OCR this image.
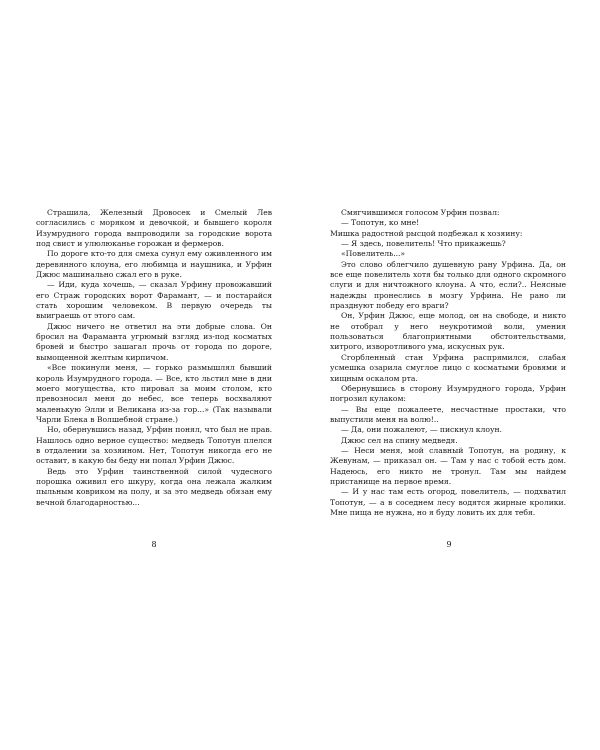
Страшила, Железный Дровосек и Смелый Лев согласились с моряком и девочкой, и бывшего короля Изумрудного города выпроводили за городские ворота под свист и улюлюканье горожан и фермеров.

По дороге кто-то для смеха сунул ему оживленного им деревянного клоуна, его любимца и наушника, и Урфин Джюс машинально сжал его в руке.

— Иди, куда хочешь, — сказал Урфину провожавший его Страж городских ворот Фарамант, — и постарайся стать хорошим человеком. В первую очередь ты выиграешь от этого сам.

Джюс ничего не ответил на эти добрые слова. Он бросил на Фараманта угрюмый взгляд из-под косматых бровей и быстро зашагал прочь от города по дороге, вымощенной желтым кирпичом.

«Все покинули меня, — горько размышлял бывший король Изумрудного города. — Все, кто льстил мне в дни моего могущества, кто пировал за моим столом, кто превозносил меня до небес, все теперь восхваляют маленькую Элли и Великана из-за гор...» (Так называли Чарли Блека в Волшебной стране.)

Но, обернувшись назад, Урфин понял, что был не прав. Нашлось одно верное существо: медведь Топотун плелся в отдалении за хозяином. Нет, Топотун никогда его не оставит, в какую бы беду ни попал Урфин Джюс.

Ведь это Урфин таинственной силой чудесного порошка оживил его шкуру, когда она лежала жалким пыльным ковриком на полу, и за это медведь обязан ему вечной благодарностью...

8

Смягчившимся голосом Урфин позвал:

— Топотун, ко мне!

Мишка радостной рысцой подбежал к хозяину:

— Я здесь, повелитель! Что прикажешь?

«Повелитель...»

Это слово облегчило душевную рану Урфина. Да, он все еще повелитель хотя бы только для одного скромного слуги и для ничтожного клоуна. А что, если?.. Неясные надежды пронеслись в мозгу Урфина. Не рано ли празднуют победу его враги?

Он, Урфин Джюс, еще молод, он на свободе, и никто не отобрал у него неукротимой воли, умения пользоваться благоприятными обстоятельствами, хитрого, изворотливого ума, искусных рук.

Сгорбленный стан Урфина распрямился, слабая усмешка озарила смуглое лицо с косматыми бровями и хищным оскалом рта.

Обернувшись в сторону Изумрудного города, Урфин погрозил кулаком:

— Вы еще пожалеете, несчастные простаки, что выпустили меня на волю!..

— Да, они пожалеют, — пискнул клоун.

Джюс сел на спину медведя.

— Неси меня, мой славный Топотун, на родину, к Жевунам, — приказал он. — Там у нас с тобой есть дом. Надеюсь, его никто не тронул. Там мы найдем пристанище на первое время.

— И у нас там есть огород, повелитель, — подхватил Топотун, — а в соседнем лесу водятся жирные кролики. Мне пища не нужна, но я буду ловить их для тебя.

9
